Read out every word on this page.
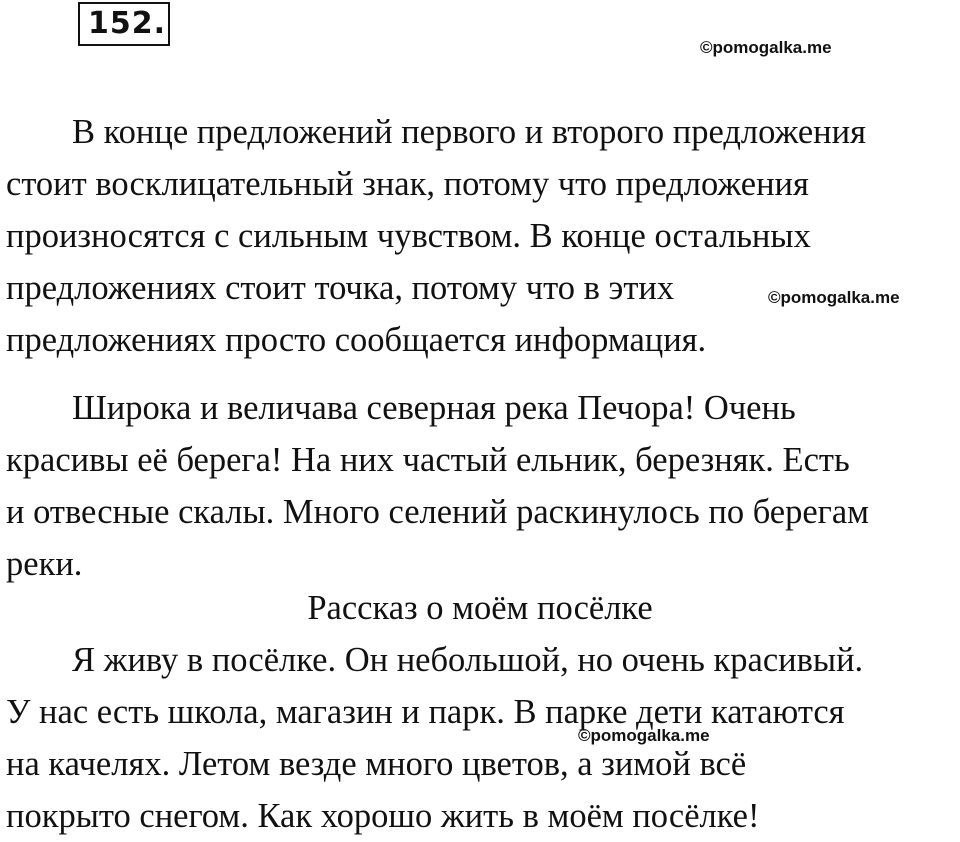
152.
©pomogalka.me
©pomogalka.me
©pomogalka.me
В конце предложений первого и второго предложения
стоит восклицательный знак, потому что предложения
произносятся с сильным чувством. В конце остальных
предложениях стоит точка, потому что в этих
предложениях просто сообщается информация.
Широка и величава северная река Печора! Очень
красивы её берега! На них частый ельник, березняк. Есть
и отвесные скалы. Много селений раскинулось по берегам
реки.
Рассказ о моём посёлке
Я живу в посёлке. Он небольшой, но очень красивый.
У нас есть школа, магазин и парк. В парке дети катаются
на качелях. Летом везде много цветов, а зимой всё
покрыто снегом. Как хорошо жить в моём посёлке!
